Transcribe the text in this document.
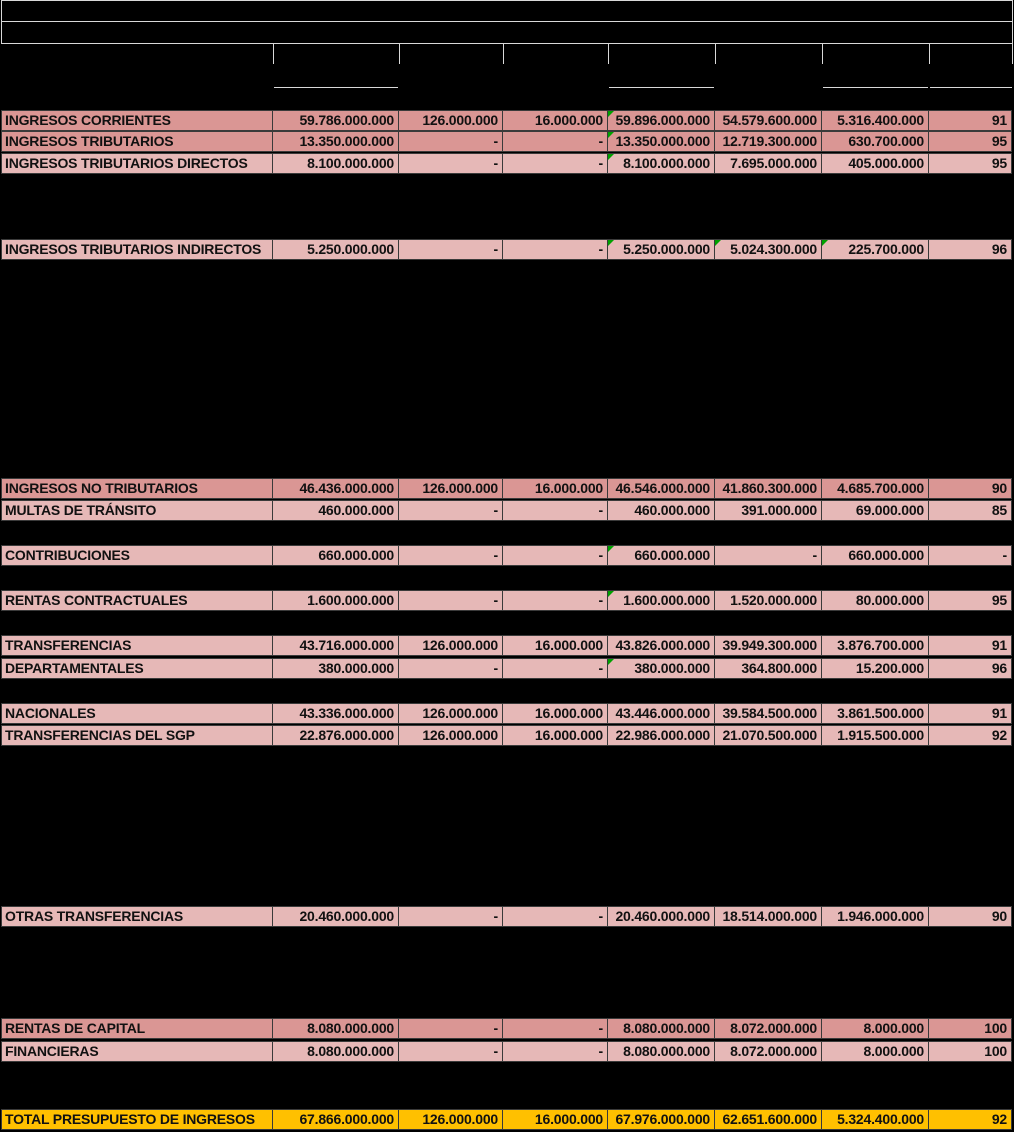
INGRESOS CORRIENTES	59.786.000.000	126.000.000	16.000.000 59.896.000.000 54.579.600.000	5.316.400.000	91
INGRESOS TRIBUTARIOS	13.350.000.000	-	- 13.350.000.000 12.719.300.000	630.700.000	95
INGRESOS TRIBUTARIOS DIRECTOS	8.100.000.000	-	-	8.100.000.000	7.695.000.000	405.000.000	95
INGRESOS TRIBUTARIOS INDIRECTOS	5.250.000.000	-	-	5.250.000.000	5.024.300.000	225.700.000	96
INGRESOS NO TRIBUTARIOS	46.436.000.000	126.000.000	16.000.000 46.546.000.000 41.860.300.000	4.685.700.000	90
MULTAS DE TRÁNSITO	460.000.000	-	-	460.000.000	391.000.000	69.000.000	85
CONTRIBUCIONES	660.000.000	-	-	660.000.000	-	660.000.000	-
RENTAS CONTRACTUALES	1.600.000.000	-	-	1.600.000.000	1.520.000.000	80.000.000	95
TRANSFERENCIAS	43.716.000.000	126.000.000	16.000.000 43.826.000.000 39.949.300.000	3.876.700.000	91
DEPARTAMENTALES	380.000.000	-	-	380.000.000	364.800.000	15.200.000	96
NACIONALES	43.336.000.000	126.000.000	16.000.000 43.446.000.000 39.584.500.000	3.861.500.000	91
TRANSFERENCIAS DEL SGP	22.876.000.000	126.000.000	16.000.000 22.986.000.000 21.070.500.000	1.915.500.000	92
OTRAS TRANSFERENCIAS	20.460.000.000	-	- 20.460.000.000 18.514.000.000	1.946.000.000	90
RENTAS DE CAPITAL	8.080.000.000	-	-	8.080.000.000	8.072.000.000	8.000.000	100
FINANCIERAS	8.080.000.000	-	-	8.080.000.000	8.072.000.000	8.000.000	100
TOTAL PRESUPUESTO DE INGRESOS	67.866.000.000	126.000.000	16.000.000 67.976.000.000 62.651.600.000	5.324.400.000	92
